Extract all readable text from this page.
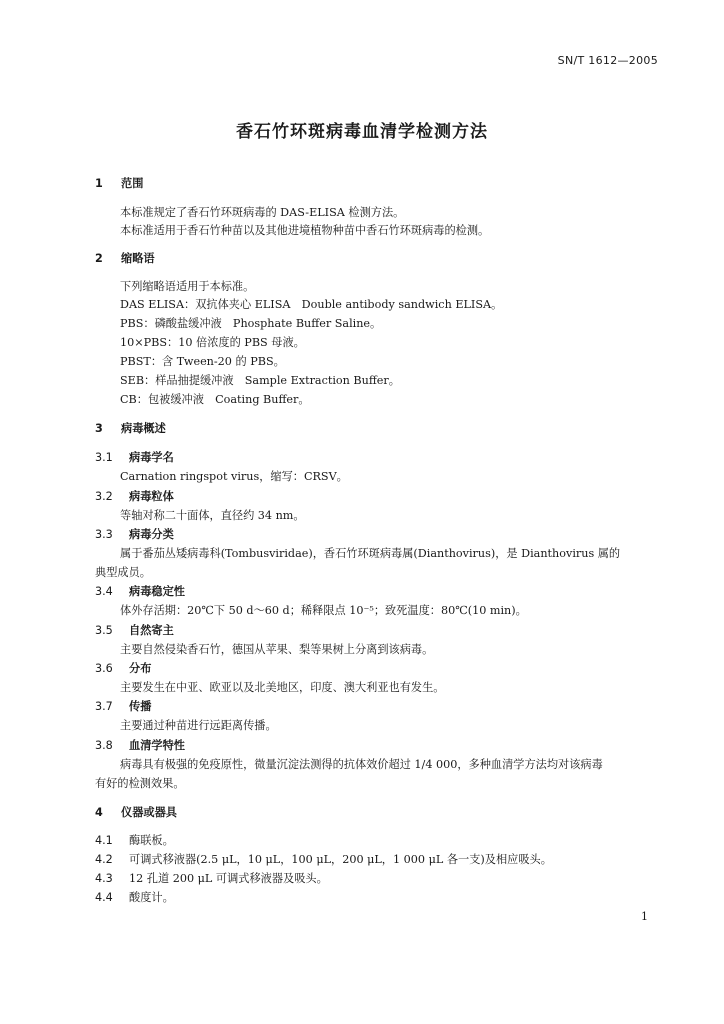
SN/T 1612—2005
香石竹环斑病毒血清学检测方法
1 范围
本标准规定了香石竹环斑病毒的 DAS-ELISA 检测方法。
本标准适用于香石竹种苗以及其他进境植物种苗中香石竹环斑病毒的检测。
2 缩略语
下列缩略语适用于本标准。
DAS ELISA：双抗体夹心 ELISA　Double antibody sandwich ELISA。
PBS：磷酸盐缓冲液　Phosphate Buffer Saline。
10×PBS：10 倍浓度的 PBS 母液。
PBST：含 Tween-20 的 PBS。
SEB：样品抽提缓冲液　Sample Extraction Buffer。
CB：包被缓冲液　Coating Buffer。
3 病毒概述
3.1 病毒学名
Carnation ringspot virus，缩写：CRSV。
3.2 病毒粒体
等轴对称二十面体，直径约 34 nm。
3.3 病毒分类
属于番茄丛矮病毒科(Tombusviridae)，香石竹环斑病毒属(Dianthovirus)，是 Dianthovirus 属的
典型成员。
3.4 病毒稳定性
体外存活期：20℃下 50 d～60 d；稀释限点 10⁻⁵；致死温度：80℃(10 min)。
3.5 自然寄主
主要自然侵染香石竹，德国从苹果、梨等果树上分离到该病毒。
3.6 分布
主要发生在中亚、欧亚以及北美地区，印度、澳大利亚也有发生。
3.7 传播
主要通过种苗进行远距离传播。
3.8 血清学特性
病毒具有极强的免疫原性，微量沉淀法测得的抗体效价超过 1/4 000，多种血清学方法均对该病毒
有好的检测效果。
4 仪器或器具
4.1 酶联板。
4.2 可调式移液器(2.5 μL，10 μL，100 μL，200 μL，1 000 μL 各一支)及相应吸头。
4.3 12 孔道 200 μL 可调式移液器及吸头。
4.4 酸度计。
1
